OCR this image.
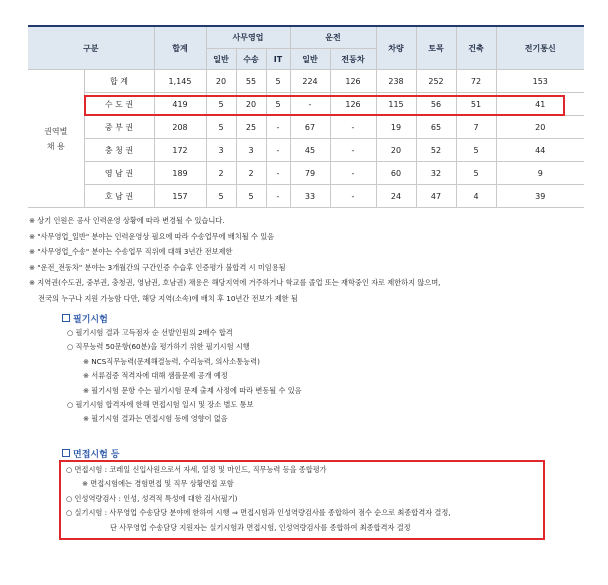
구분		합계	사무영업			운전		차량	토목	건축	전기통신
			일반	수송	IT	일반	전동차				
권역별
채 용	합 계	1,145	20	55	5	224	126	238	252	72	153
	수 도 권	419	5	20	5	-	126	115	56	51	41
	중 부 권	208	5	25	-	67	-	19	65	7	20
	충 청 권	172	3	3	-	45	-	20	52	5	44
	영 남 권	189	2	2	-	79	-	60	32	5	9
	호 남 권	157	5	5	-	33	-	24	47	4	39
※ 상기 인원은 공사 인력운영 상황에 따라 변경될 수 있습니다.
※ "사무영업_일반" 분야는 인력운영상 필요에 따라 수송업무에 배치될 수 있음
※ "사무영업_수송" 분야는 수송업무 직위에 대해 3년간 전보제한
※ "운전_전동차" 분야는 3개월간의 구간인증 수습후 인증평가 불합격 시 미임용됨
※ 지역권(수도권, 중부권, 충청권, 영남권, 호남권) 채용은 해당지역에 거주하거나 학교를 졸업 또는 재학중인 자로 제한하지 않으며,
전국의 누구나 지원 가능함 다만, 해당 지역(소속)에 배치 후 10년간 전보가 제한 됨
필기시험
○ 필기시험 결과 고득점자 순 선발인원의 2배수 합격
○ 직무능력 50문항(60분)을 평가하기 위한 필기시험 시행
※ NCS직무능력(문제해결능력, 수리능력, 의사소통능력)
※ 서류검증 적격자에 대해 샘플문제 공개 예정
※ 필기시험 문항 수는 필기시험 문제 출제 사정에 따라 변동될 수 있음
○ 필기시험 합격자에 한해 면접시험 일시 및 장소 별도 통보
※ 필기시험 결과는 면접시험 등에 영향이 없음
면접시험 등
○ 면접시험 : 코레일 신입사원으로서 자세, 열정 및 마인드, 직무능력 등을 종합평가
※ 면접시험에는 경험면접 및 직무 상황면접 포함
○ 인성역량검사 : 인성, 성격적 특성에 대한 검사(필기)
○ 실기시험 : 사무영업 수송담당 분야에 한하여 시행 ⇒ 면접시험과 인성역량검사를 종합하여 점수 순으로 최종합격자 결정,
단 사무영업 수송담당 지원자는 실기시험과 면접시험, 인성역량검사를 종합하여 최종합격자 결정
